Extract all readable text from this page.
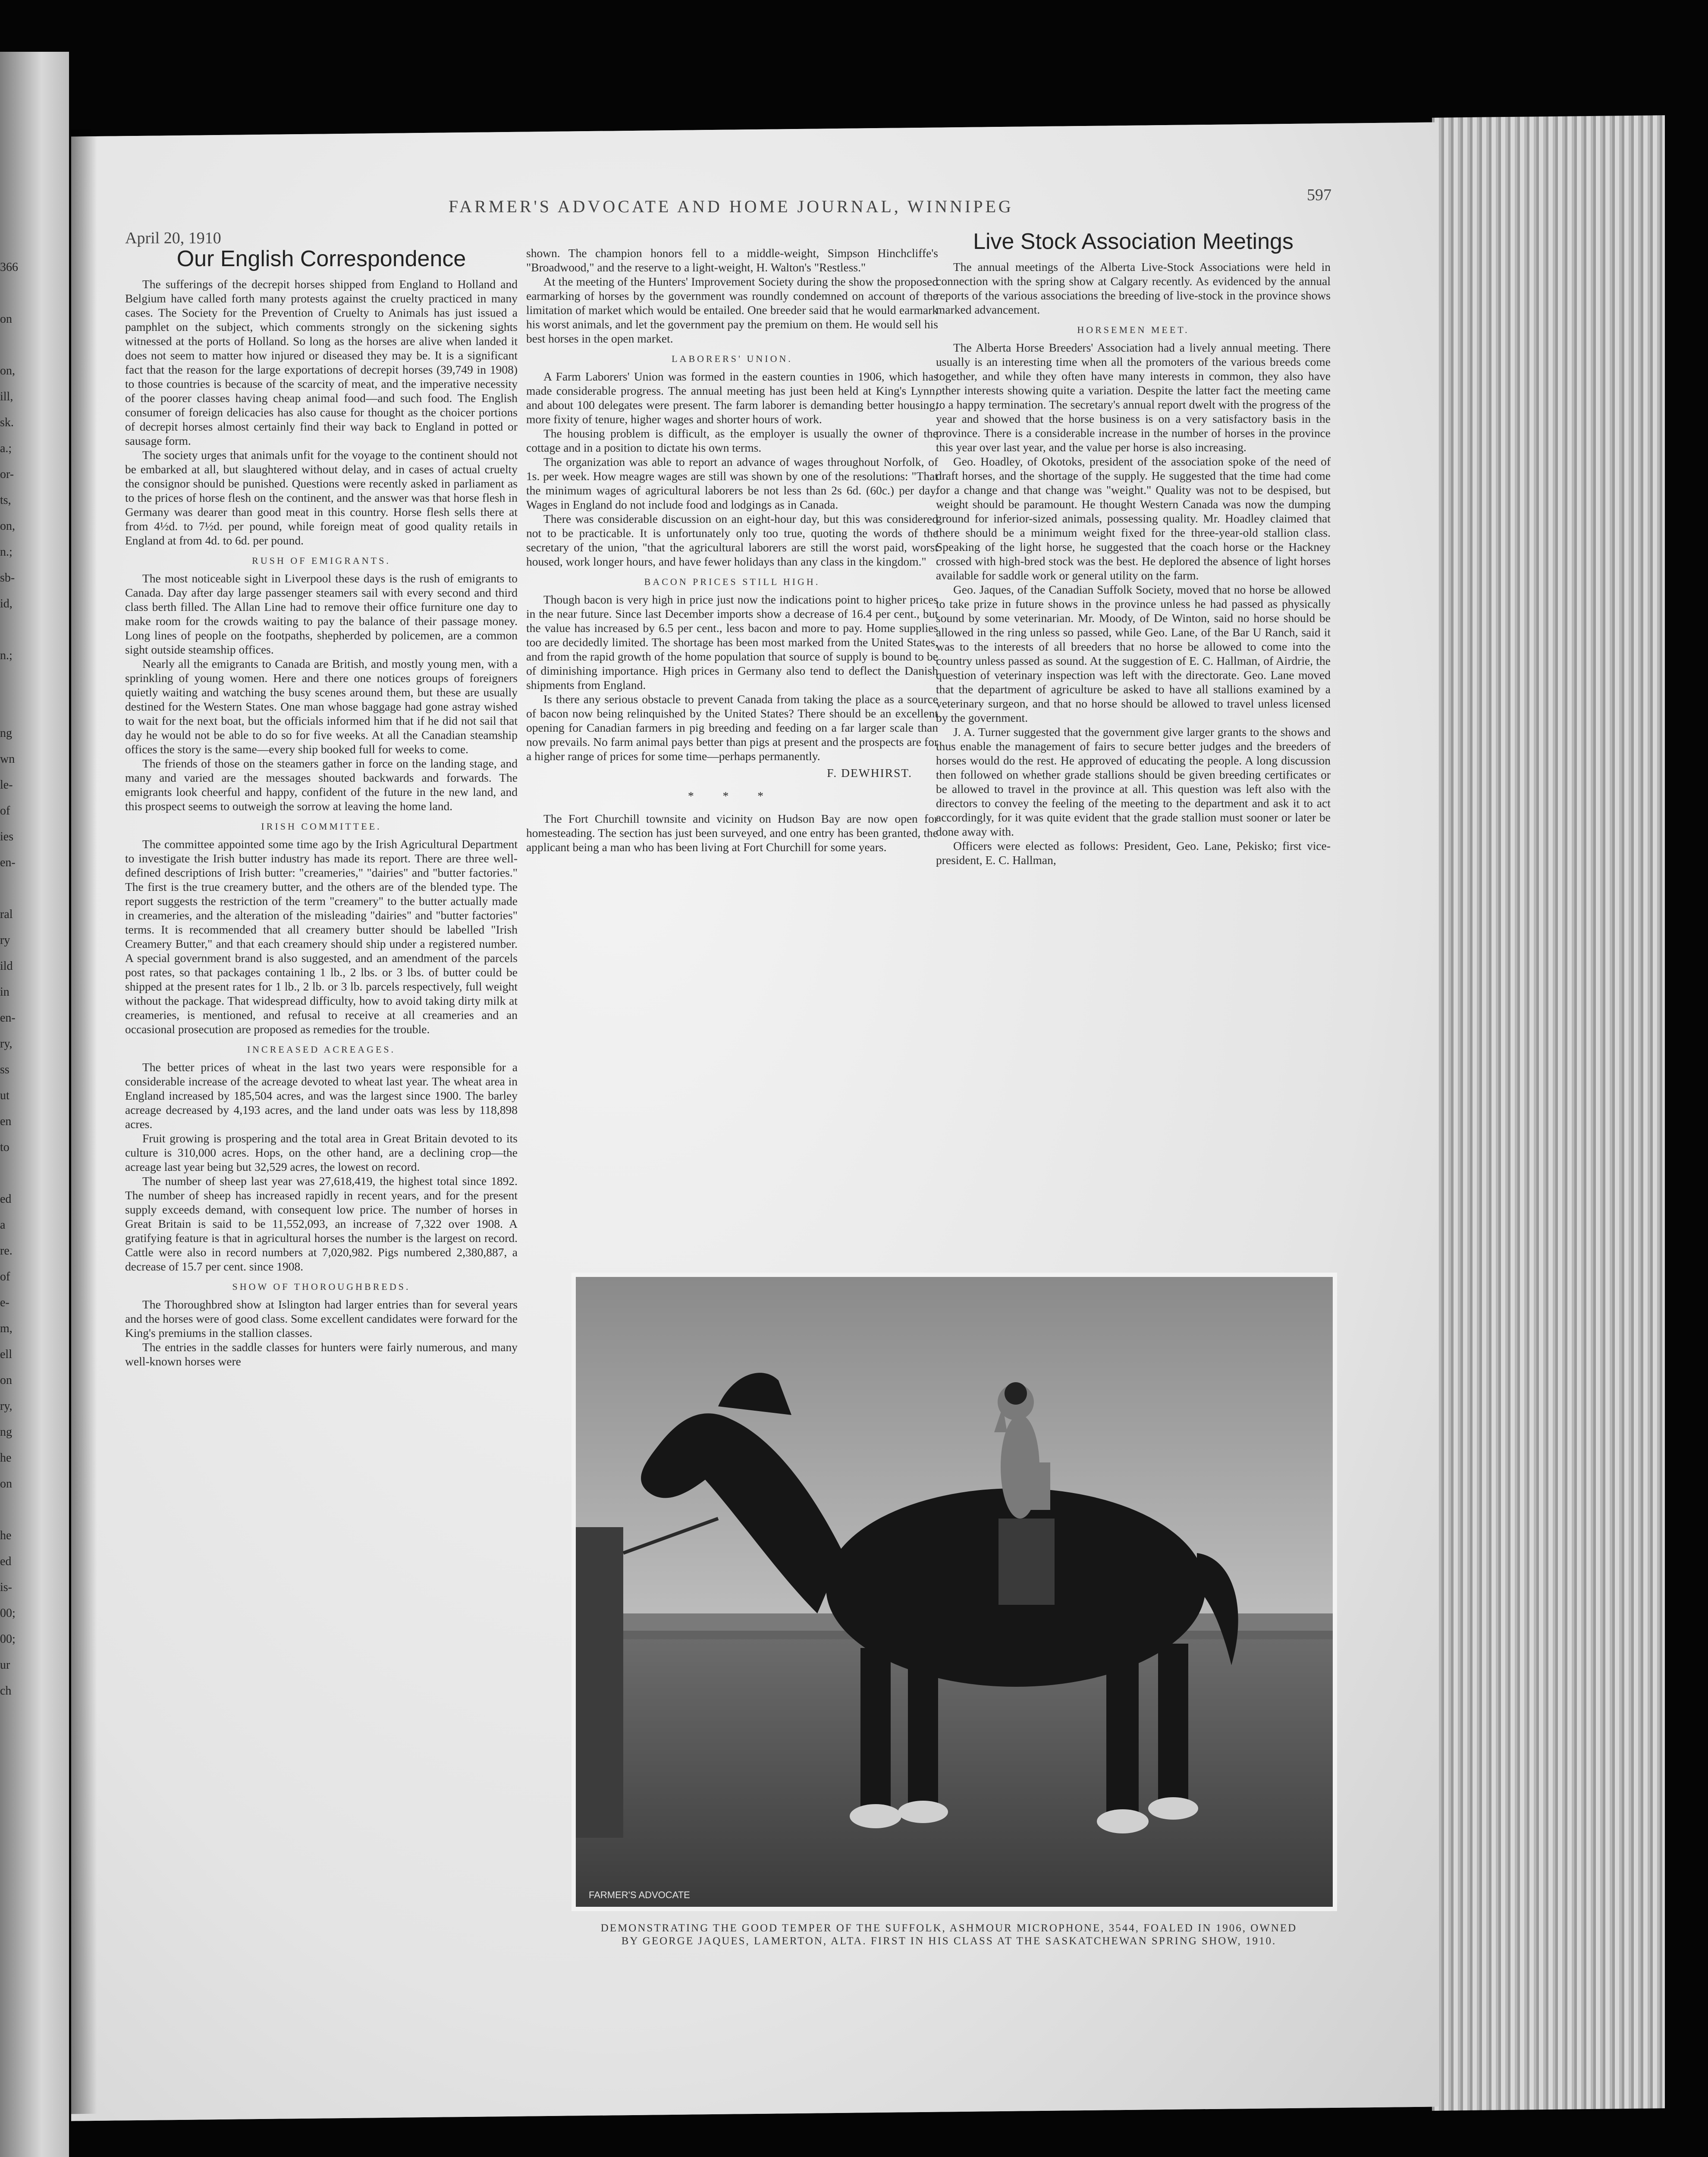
366

on

on,
ill,
sk.
a.;
or-
ts,
on,
n.;
sb-
id,

n.;

ng
wn
le-
of
ies
en-

ral
ry
ild
in
en-
ry,
ss
ut
en
to

ed
a
re.
of
e-
m,
ell
on
ry,
ng
he
on

he
ed
is-
00;
00;
ur
ch
FARMER'S ADVOCATE AND HOME JOURNAL, WINNIPEG
April 20, 1910
597
Our English Correspondence

The sufferings of the decrepit horses shipped from England to Holland and Belgium have called forth many protests against the cruelty practiced in many cases. The Society for the Prevention of Cruelty to Animals has just issued a pamphlet on the subject, which comments strongly on the sickening sights witnessed at the ports of Holland. So long as the horses are alive when landed it does not seem to matter how injured or diseased they may be. It is a significant fact that the reason for the large exportations of decrepit horses (39,749 in 1908) to those countries is because of the scarcity of meat, and the imperative necessity of the poorer classes having cheap animal food—and such food. The English consumer of foreign delicacies has also cause for thought as the choicer portions of decrepit horses almost certainly find their way back to England in potted or sausage form.

The society urges that animals unfit for the voyage to the continent should not be embarked at all, but slaughtered without delay, and in cases of actual cruelty the consignor should be punished. Questions were recently asked in parliament as to the prices of horse flesh on the continent, and the answer was that horse flesh in Germany was dearer than good meat in this country. Horse flesh sells there at from 4½d. to 7½d. per pound, while foreign meat of good quality retails in England at from 4d. to 6d. per pound.

RUSH OF EMIGRANTS.

The most noticeable sight in Liverpool these days is the rush of emigrants to Canada. Day after day large passenger steamers sail with every second and third class berth filled. The Allan Line had to remove their office furniture one day to make room for the crowds waiting to pay the balance of their passage money. Long lines of people on the footpaths, shepherded by policemen, are a common sight outside steamship offices.

Nearly all the emigrants to Canada are British, and mostly young men, with a sprinkling of young women. Here and there one notices groups of foreigners quietly waiting and watching the busy scenes around them, but these are usually destined for the Western States. One man whose baggage had gone astray wished to wait for the next boat, but the officials informed him that if he did not sail that day he would not be able to do so for five weeks. At all the Canadian steamship offices the story is the same—every ship booked full for weeks to come.

The friends of those on the steamers gather in force on the landing stage, and many and varied are the messages shouted backwards and forwards. The emigrants look cheerful and happy, confident of the future in the new land, and this prospect seems to outweigh the sorrow at leaving the home land.

IRISH COMMITTEE.

The committee appointed some time ago by the Irish Agricultural Department to investigate the Irish butter industry has made its report. There are three well-defined descriptions of Irish butter: "creameries," "dairies" and "butter factories." The first is the true creamery butter, and the others are of the blended type. The report suggests the restriction of the term "creamery" to the butter actually made in creameries, and the alteration of the misleading "dairies" and "butter factories" terms. It is recommended that all creamery butter should be labelled "Irish Creamery Butter," and that each creamery should ship under a registered number. A special government brand is also suggested, and an amendment of the parcels post rates, so that packages containing 1 lb., 2 lbs. or 3 lbs. of butter could be shipped at the present rates for 1 lb., 2 lb. or 3 lb. parcels respectively, full weight without the package. That widespread difficulty, how to avoid taking dirty milk at creameries, is mentioned, and refusal to receive at all creameries and an occasional prosecution are proposed as remedies for the trouble.

INCREASED ACREAGES.

The better prices of wheat in the last two years were responsible for a considerable increase of the acreage devoted to wheat last year. The wheat area in England increased by 185,504 acres, and was the largest since 1900. The barley acreage decreased by 4,193 acres, and the land under oats was less by 118,898 acres.

Fruit growing is prospering and the total area in Great Britain devoted to its culture is 310,000 acres. Hops, on the other hand, are a declining crop—the acreage last year being but 32,529 acres, the lowest on record.

The number of sheep last year was 27,618,419, the highest total since 1892. The number of sheep has increased rapidly in recent years, and for the present supply exceeds demand, with consequent low price. The number of horses in Great Britain is said to be 11,552,093, an increase of 7,322 over 1908. A gratifying feature is that in agricultural horses the number is the largest on record. Cattle were also in record numbers at 7,020,982. Pigs numbered 2,380,887, a decrease of 15.7 per cent. since 1908.

SHOW OF THOROUGHBREDS.

The Thoroughbred show at Islington had larger entries than for several years and the horses were of good class. Some excellent candidates were forward for the King's premiums in the stallion classes.

The entries in the saddle classes for hunters were fairly numerous, and many well-known horses were

shown. The champion honors fell to a middle-weight, Simpson Hinchcliffe's "Broadwood," and the reserve to a light-weight, H. Walton's "Restless."

At the meeting of the Hunters' Improvement Society during the show the proposed earmarking of horses by the government was roundly condemned on account of the limitation of market which would be entailed. One breeder said that he would earmark his worst animals, and let the government pay the premium on them. He would sell his best horses in the open market.

LABORERS' UNION.

A Farm Laborers' Union was formed in the eastern counties in 1906, which has made considerable progress. The annual meeting has just been held at King's Lynn, and about 100 delegates were present. The farm laborer is demanding better housing, more fixity of tenure, higher wages and shorter hours of work.

The housing problem is difficult, as the employer is usually the owner of the cottage and in a position to dictate his own terms.

The organization was able to report an advance of wages throughout Norfolk, of 1s. per week. How meagre wages are still was shown by one of the resolutions: "That the minimum wages of agricultural laborers be not less than 2s 6d. (60c.) per day. Wages in England do not include food and lodgings as in Canada.

There was considerable discussion on an eight-hour day, but this was considered not to be practicable. It is unfortunately only too true, quoting the words of the secretary of the union, "that the agricultural laborers are still the worst paid, worst housed, work longer hours, and have fewer holidays than any class in the kingdom."

BACON PRICES STILL HIGH.

Though bacon is very high in price just now the indications point to higher prices in the near future. Since last December imports show a decrease of 16.4 per cent., but the value has increased by 6.5 per cent., less bacon and more to pay. Home supplies too are decidedly limited. The shortage has been most marked from the United States, and from the rapid growth of the home population that source of supply is bound to be of diminishing importance. High prices in Germany also tend to deflect the Danish shipments from England.

Is there any serious obstacle to prevent Canada from taking the place as a source of bacon now being relinquished by the United States? There should be an excellent opening for Canadian farmers in pig breeding and feeding on a far larger scale than now prevails. No farm animal pays better than pigs at present and the prospects are for a higher range of prices for some time—perhaps permanently.

F. DEWHIRST.
* * *

The Fort Churchill townsite and vicinity on Hudson Bay are now open for homesteading. The section has just been surveyed, and one entry has been granted, the applicant being a man who has been living at Fort Churchill for some years.

Live Stock Association Meetings

The annual meetings of the Alberta Live-Stock Associations were held in connection with the spring show at Calgary recently. As evidenced by the annual reports of the various associations the breeding of live-stock in the province shows marked advancement.

HORSEMEN MEET.

The Alberta Horse Breeders' Association had a lively annual meeting. There usually is an interesting time when all the promoters of the various breeds come together, and while they often have many interests in common, they also have other interests showing quite a variation. Despite the latter fact the meeting came to a happy termination. The secretary's annual report dwelt with the progress of the year and showed that the horse business is on a very satisfactory basis in the province. There is a considerable increase in the number of horses in the province this year over last year, and the value per horse is also increasing.

Geo. Hoadley, of Okotoks, president of the association spoke of the need of draft horses, and the shortage of the supply. He suggested that the time had come for a change and that change was "weight." Quality was not to be despised, but weight should be paramount. He thought Western Canada was now the dumping ground for inferior-sized animals, possessing quality. Mr. Hoadley claimed that there should be a minimum weight fixed for the three-year-old stallion class. Speaking of the light horse, he suggested that the coach horse or the Hackney crossed with high-bred stock was the best. He deplored the absence of light horses available for saddle work or general utility on the farm.

Geo. Jaques, of the Canadian Suffolk Society, moved that no horse be allowed to take prize in future shows in the province unless he had passed as physically sound by some veterinarian. Mr. Moody, of De Winton, said no horse should be allowed in the ring unless so passed, while Geo. Lane, of the Bar U Ranch, said it was to the interests of all breeders that no horse be allowed to come into the country unless passed as sound. At the suggestion of E. C. Hallman, of Airdrie, the question of veterinary inspection was left with the directorate. Geo. Lane moved that the department of agriculture be asked to have all stallions examined by a veterinary surgeon, and that no horse should be allowed to travel unless licensed by the government.

J. A. Turner suggested that the government give larger grants to the shows and thus enable the management of fairs to secure better judges and the breeders of horses would do the rest. He approved of educating the people. A long discussion then followed on whether grade stallions should be given breeding certificates or be allowed to travel in the province at all. This question was left also with the directors to convey the feeling of the meeting to the department and ask it to act accordingly, for it was quite evident that the grade stallion must sooner or later be done away with.

Officers were elected as follows: President, Geo. Lane, Pekisko; first vice-president, E. C. Hallman,

FARMER'S ADVOCATE
DEMONSTRATING THE GOOD TEMPER OF THE SUFFOLK, ASHMOUR MICROPHONE, 3544, FOALED IN 1906, OWNED
BY GEORGE JAQUES, LAMERTON, ALTA. FIRST IN HIS CLASS AT THE SASKATCHEWAN SPRING SHOW, 1910.
